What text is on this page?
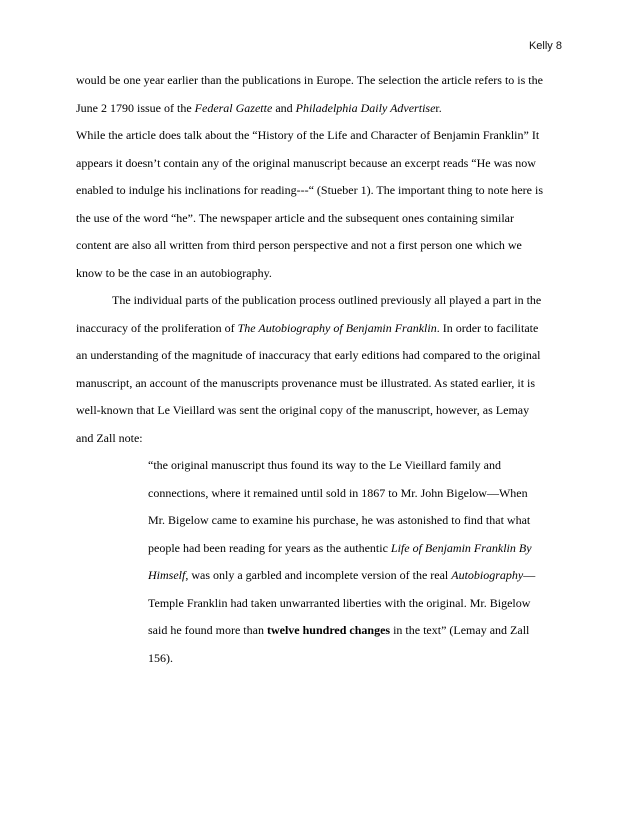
Kelly 8
would be one year earlier than the publications in Europe. The selection the article refers to is the
June 2 1790 issue of the Federal Gazette and Philadelphia Daily Advertiser.
While the article does talk about the “History of the Life and Character of Benjamin Franklin” It
appears it doesn’t contain any of the original manuscript because an excerpt reads “He was now
enabled to indulge his inclinations for reading---“ (Stueber 1). The important thing to note here is
the use of the word “he”. The newspaper article and the subsequent ones containing similar
content are also all written from third person perspective and not a first person one which we
know to be the case in an autobiography.
The individual parts of the publication process outlined previously all played a part in the
inaccuracy of the proliferation of The Autobiography of Benjamin Franklin. In order to facilitate
an understanding of the magnitude of inaccuracy that early editions had compared to the original
manuscript, an account of the manuscripts provenance must be illustrated. As stated earlier, it is
well-known that Le Vieillard was sent the original copy of the manuscript, however, as Lemay
and Zall note:
“the original manuscript thus found its way to the Le Vieillard family and
connections, where it remained until sold in 1867 to Mr. John Bigelow—When
Mr. Bigelow came to examine his purchase, he was astonished to find that what
people had been reading for years as the authentic Life of Benjamin Franklin By
Himself, was only a garbled and incomplete version of the real Autobiography—
Temple Franklin had taken unwarranted liberties with the original. Mr. Bigelow
said he found more than twelve hundred changes in the text” (Lemay and Zall
156).
